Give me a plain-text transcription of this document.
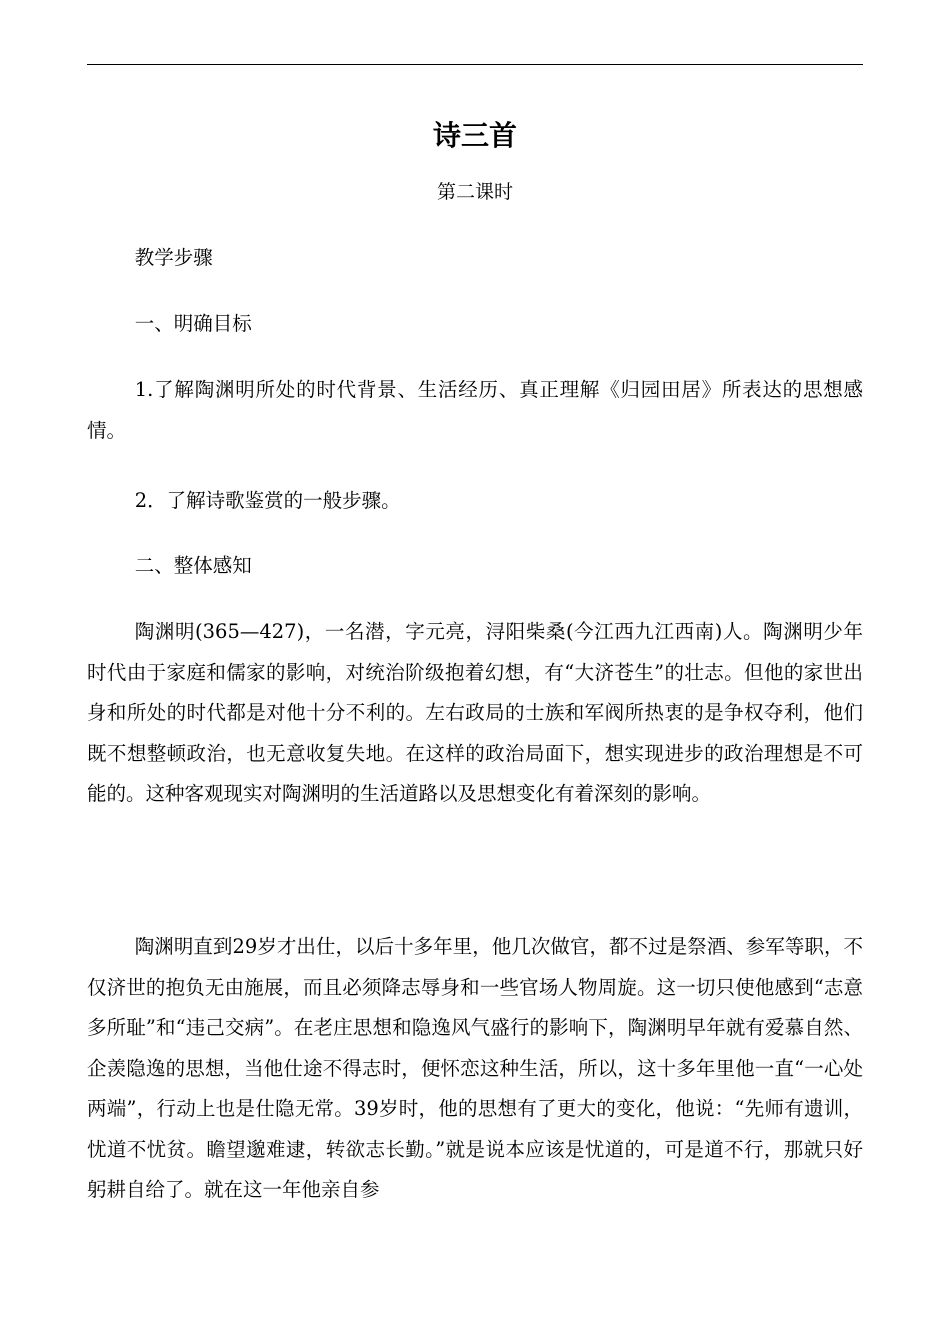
诗三首
第二课时

教学步骤

一、明确目标

1.了解陶渊明所处的时代背景、生活经历、真正理解《归园田居》所表达的思想感情。

2．了解诗歌鉴赏的一般步骤。

二、整体感知

陶渊明(365—427)，一名潜，字元亮，浔阳柴桑(今江西九江西南)人。陶渊明少年时代由于家庭和儒家的影响，对统治阶级抱着幻想，有“大济苍生”的壮志。但他的家世出身和所处的时代都是对他十分不利的。左右政局的士族和军阀所热衷的是争权夺利，他们既不想整顿政治，也无意收复失地。在这样的政治局面下，想实现进步的政治理想是不可能的。这种客观现实对陶渊明的生活道路以及思想变化有着深刻的影响。

陶渊明直到29岁才出仕，以后十多年里，他几次做官，都不过是祭酒、参军等职，不仅济世的抱负无由施展，而且必须降志辱身和一些官场人物周旋。这一切只使他感到“志意多所耻”和“违己交病”。在老庄思想和隐逸风气盛行的影响下，陶渊明早年就有爱慕自然、企羡隐逸的思想，当他仕途不得志时，便怀恋这种生活，所以，这十多年里他一直“一心处两端”，行动上也是仕隐无常。39岁时，他的思想有了更大的变化，他说：“先师有遗训，忧道不忧贫。瞻望邈难逮，转欲志长勤。”就是说本应该是忧道的，可是道不行，那就只好躬耕自给了。就在这一年他亲自参
